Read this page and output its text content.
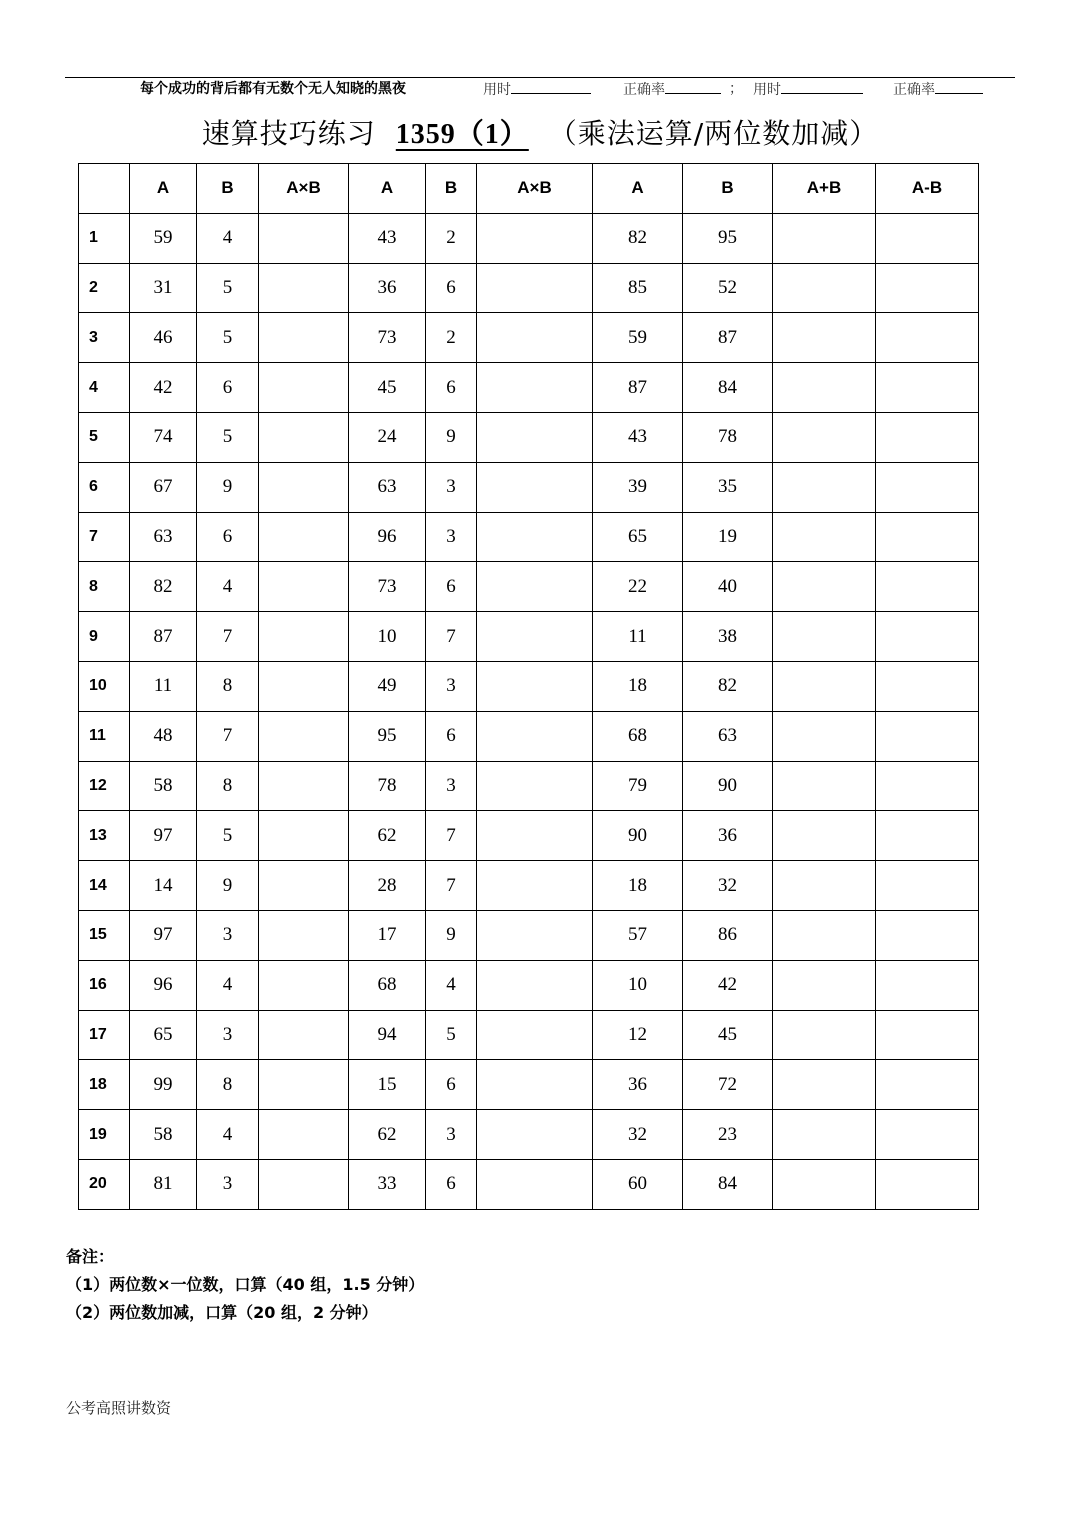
每个成功的背后都有无数个无人知晓的黑夜	用时	正确率	； 用时	正确率
速算技巧练习 1359（1） （乘法运算/两位数加减）
	A	B	A×B	A	B	A×B	A	B	A+B	A-B
1	59	4		43	2		82	95		
2	31	5		36	6		85	52		
3	46	5		73	2		59	87		
4	42	6		45	6		87	84		
5	74	5		24	9		43	78		
6	67	9		63	3		39	35		
7	63	6		96	3		65	19		
8	82	4		73	6		22	40		
9	87	7		10	7		11	38		
10	11	8		49	3		18	82		
11	48	7		95	6		68	63		
12	58	8		78	3		79	90		
13	97	5		62	7		90	36		
14	14	9		28	7		18	32		
15	97	3		17	9		57	86		
16	96	4		68	4		10	42		
17	65	3		94	5		12	45		
18	99	8		15	6		36	72		
19	58	4		62	3		32	23		
20	81	3		33	6		60	84		
备注：
（1）两位数×一位数，口算（40 组，1.5 分钟）
（2）两位数加减，口算（20 组，2 分钟）
公考高照讲数资
